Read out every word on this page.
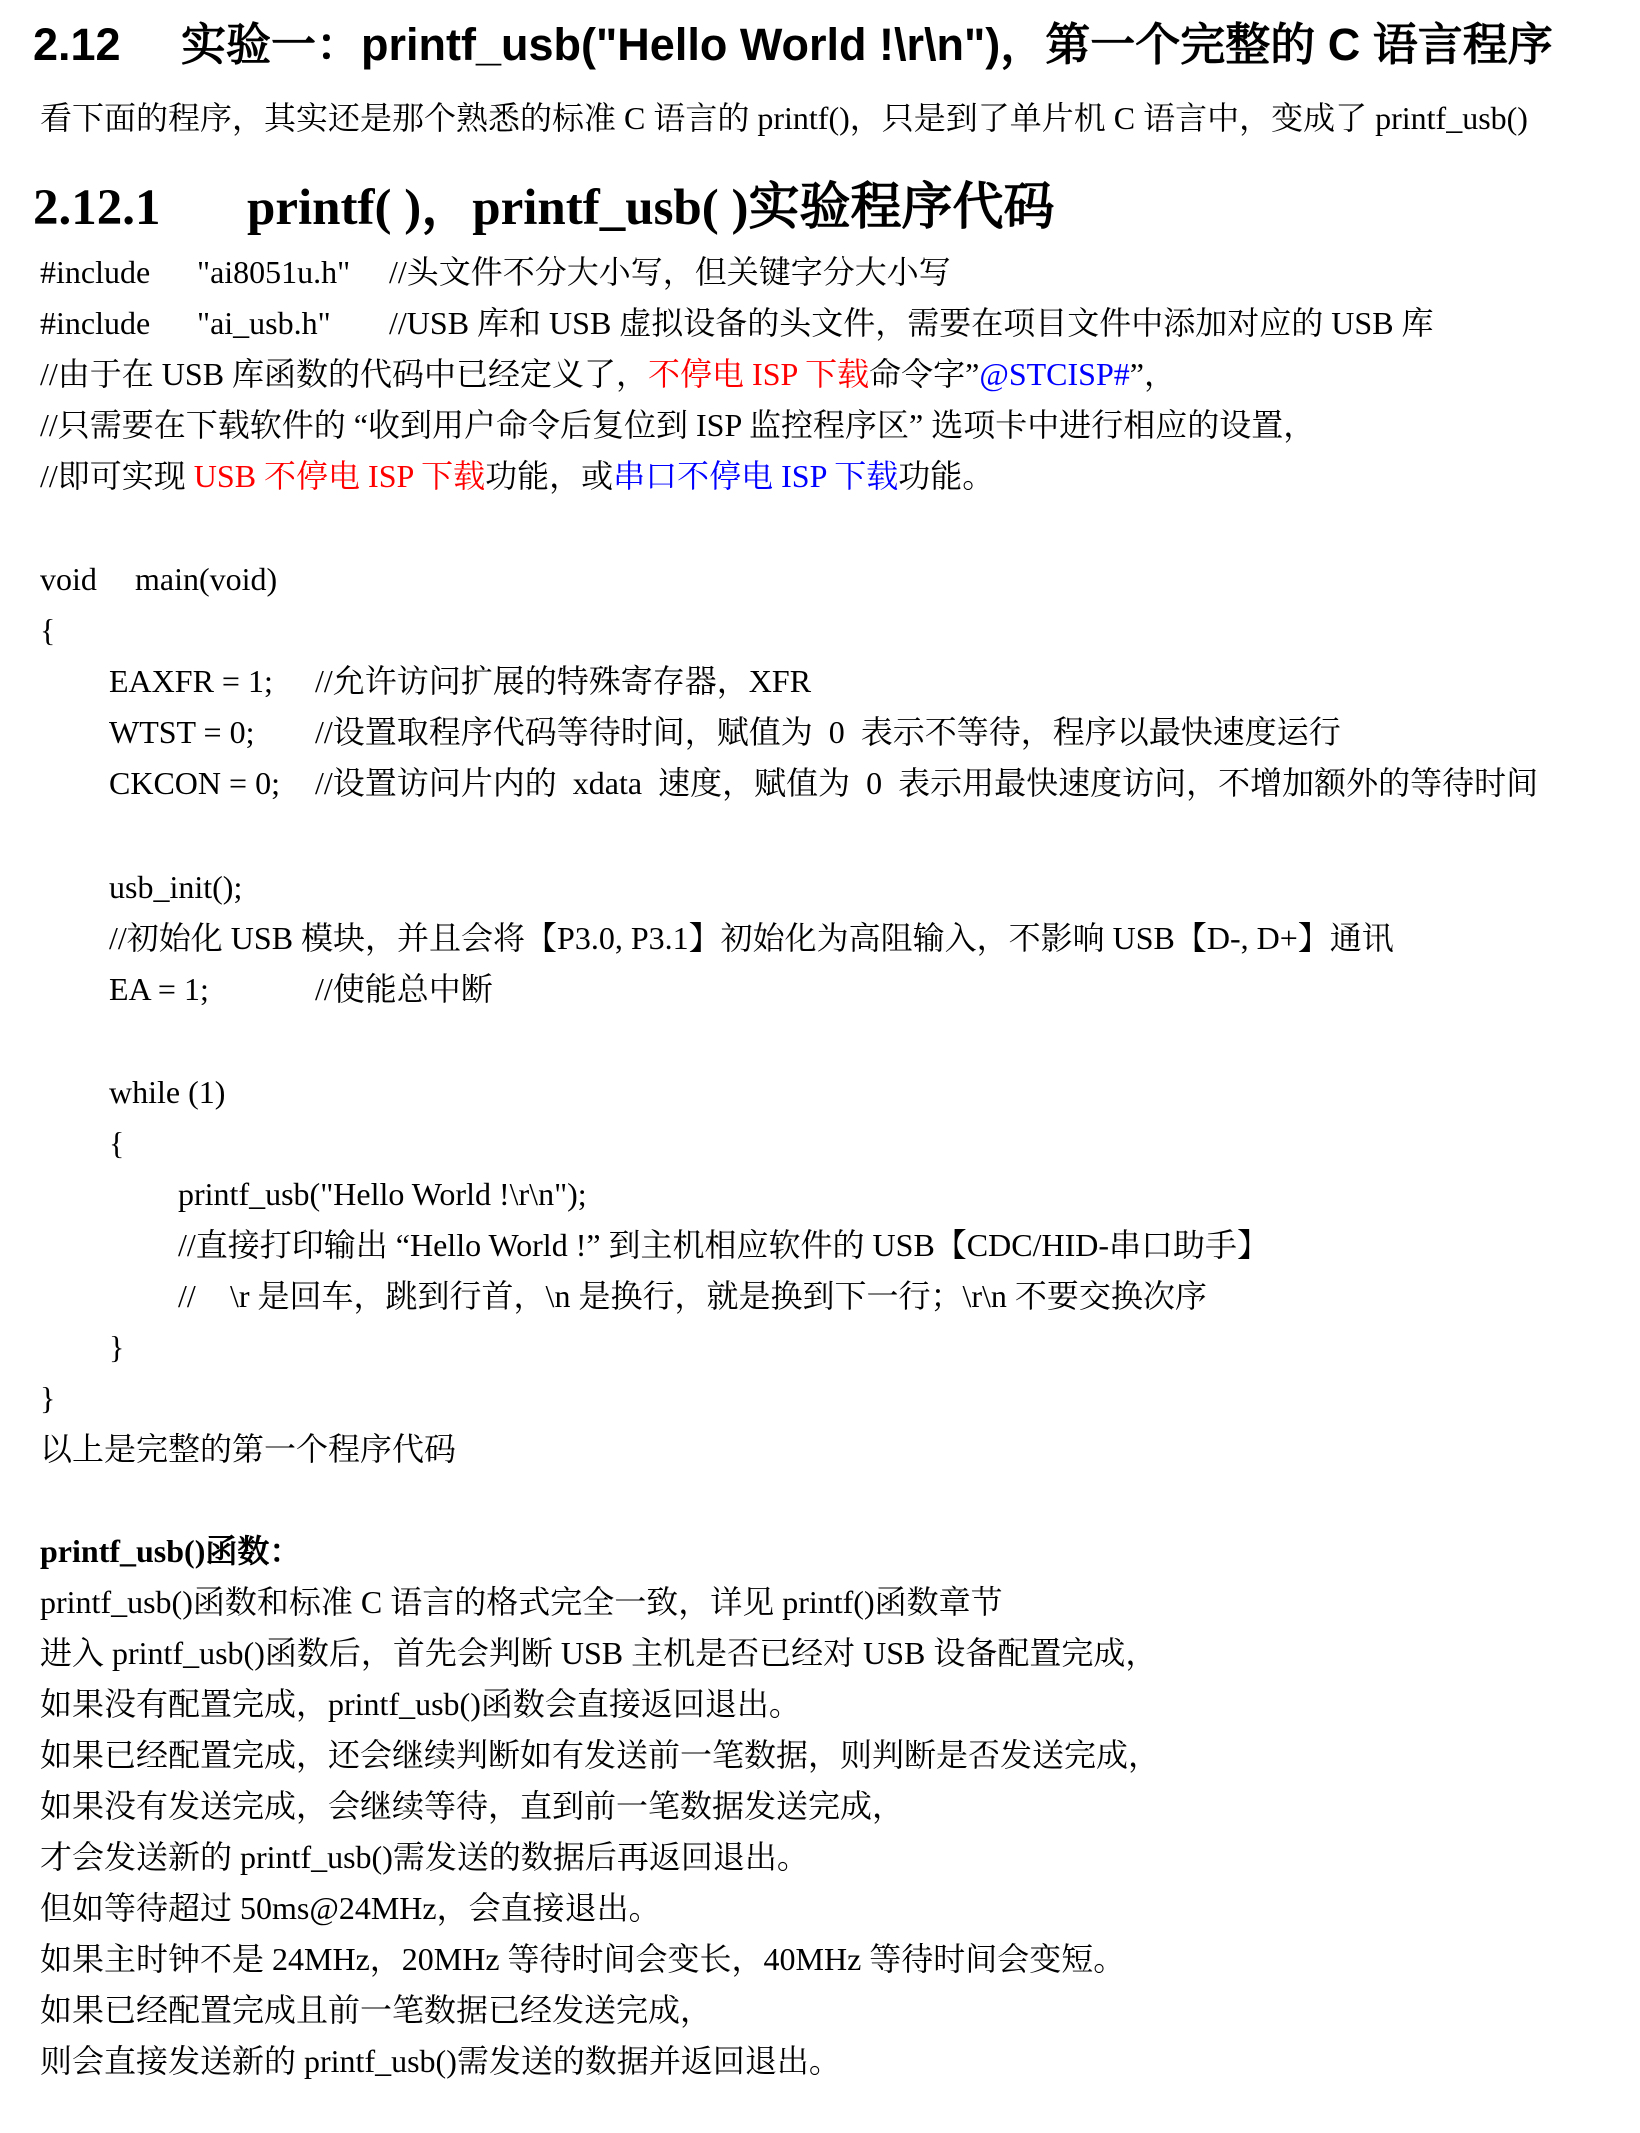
2.12 实验一：printf_usb("Hello World !\r\n")，第一个完整的 C 语言程序
看下面的程序，其实还是那个熟悉的标准 C 语言的 printf()，只是到了单片机 C 语言中，变成了 printf_usb()
2.12.1 printf( )，printf_usb( )实验程序代码
#include "ai8051u.h" //头文件不分大小写，但关键字分大小写
#include "ai_usb.h" //USB 库和 USB 虚拟设备的头文件，需要在项目文件中添加对应的 USB 库
//由于在 USB 库函数的代码中已经定义了，不停电 ISP 下载命令字”@STCISP#”，
//只需要在下载软件的 “收到用户命令后复位到 ISP 监控程序区” 选项卡中进行相应的设置，
//即可实现 USB 不停电 ISP 下载功能，或串口不停电 ISP 下载功能。
void main(void)
{
EAXFR = 1; //允许访问扩展的特殊寄存器，XFR
WTST = 0; //设置取程序代码等待时间，赋值为  0  表示不等待，程序以最快速度运行
CKCON = 0; //设置访问片内的  xdata  速度，赋值为  0  表示用最快速度访问，不增加额外的等待时间
usb_init();
//初始化 USB 模块，并且会将【P3.0, P3.1】初始化为高阻输入，不影响 USB【D-, D+】通讯
EA = 1;	//使能总中断
while (1)
{
printf_usb("Hello World !\r\n");
//直接打印输出 “Hello World !” 到主机相应软件的 USB【CDC/HID-串口助手】
// \r 是回车，跳到行首，\n 是换行，就是换到下一行；\r\n 不要交换次序
}
}
以上是完整的第一个程序代码
printf_usb()函数：
printf_usb()函数和标准 C 语言的格式完全一致，详见 printf()函数章节
进入 printf_usb()函数后，首先会判断 USB 主机是否已经对 USB 设备配置完成，
如果没有配置完成，printf_usb()函数会直接返回退出。
如果已经配置完成，还会继续判断如有发送前一笔数据，则判断是否发送完成，
如果没有发送完成，会继续等待，直到前一笔数据发送完成，
才会发送新的 printf_usb()需发送的数据后再返回退出。
但如等待超过 50ms@24MHz，会直接退出。
如果主时钟不是 24MHz，20MHz 等待时间会变长，40MHz 等待时间会变短。
如果已经配置完成且前一笔数据已经发送完成，
则会直接发送新的 printf_usb()需发送的数据并返回退出。
